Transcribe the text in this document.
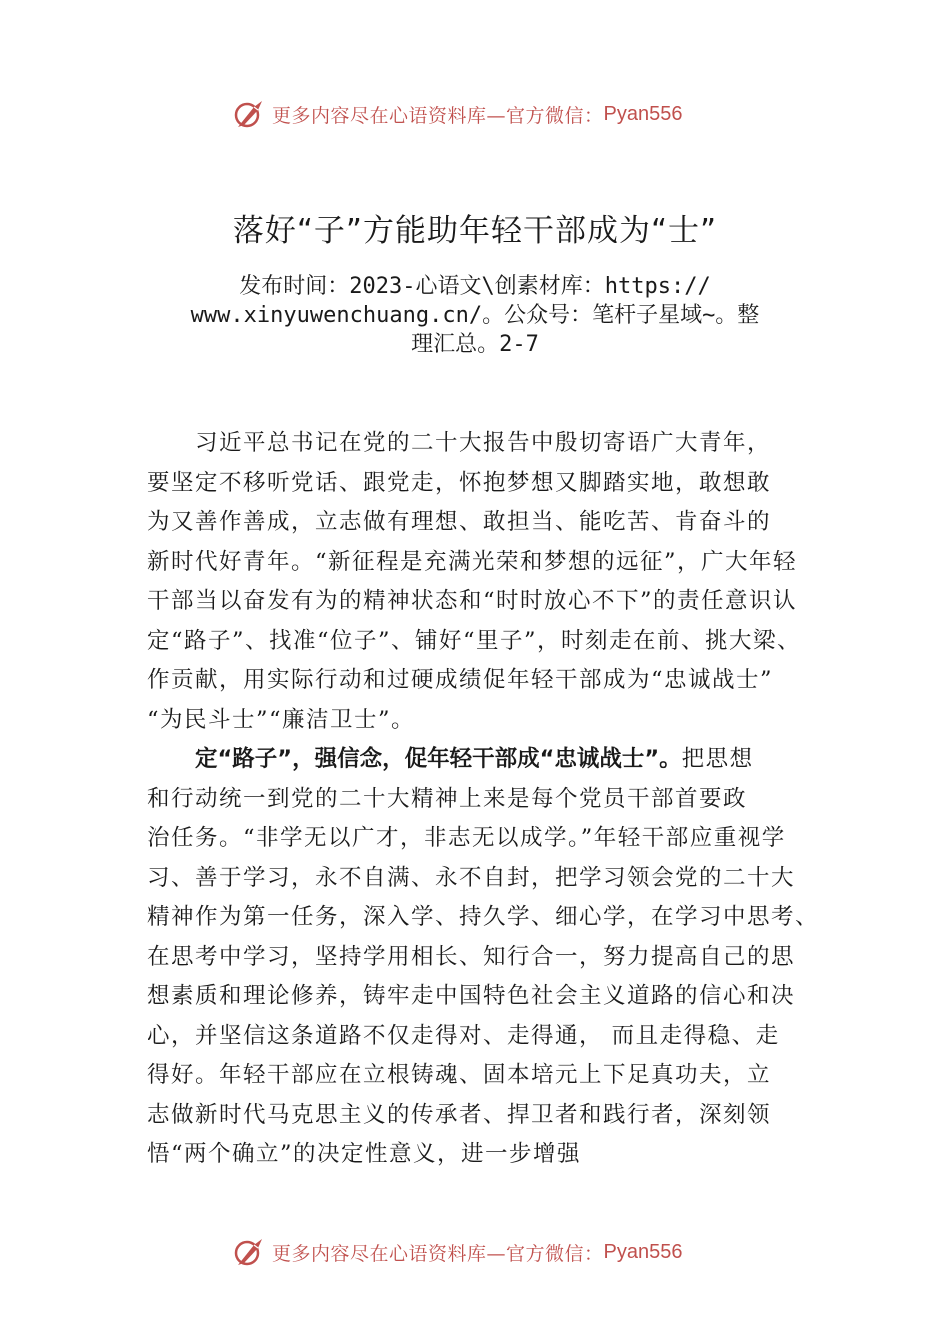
更多内容尽在心语资料库—官方微信： Pyan556
落好“子”方能助年轻干部成为“士”
发布时间：2023-心语文\创素材库：https://
www.xinyuwenchuang.cn/。公众号：笔杆子星域~。整
理汇总。2-7
习近平总书记在党的二十大报告中殷切寄语广大青年，
要坚定不移听党话、跟党走，怀抱梦想又脚踏实地，敢想敢
为又善作善成，立志做有理想、敢担当、能吃苦、肯奋斗的
新时代好青年。“新征程是充满光荣和梦想的远征”，广大年轻
干部当以奋发有为的精神状态和“时时放心不下”的责任意识认
定“路子”、找准“位子”、铺好“里子”，时刻走在前、挑大梁、
作贡献，用实际行动和过硬成绩促年轻干部成为“忠诚战士”
“为民斗士”“廉洁卫士”。
定“路子”，强信念，促年轻干部成“忠诚战士”。把思想
和行动统一到党的二十大精神上来是每个党员干部首要政
治任务。“非学无以广才，非志无以成学。”年轻干部应重视学
习、善于学习，永不自满、永不自封，把学习领会党的二十大
精神作为第一任务，深入学、持久学、细心学，在学习中思考、
在思考中学习，坚持学用相长、知行合一，努力提高自己的思
想素质和理论修养，铸牢走中国特色社会主义道路的信心和决
心，并坚信这条道路不仅走得对、走得通， 而且走得稳、走
得好。年轻干部应在立根铸魂、固本培元上下足真功夫，立
志做新时代马克思主义的传承者、捍卫者和践行者，深刻领
悟“两个确立”的决定性意义，进一步增强
更多内容尽在心语资料库—官方微信： Pyan556
